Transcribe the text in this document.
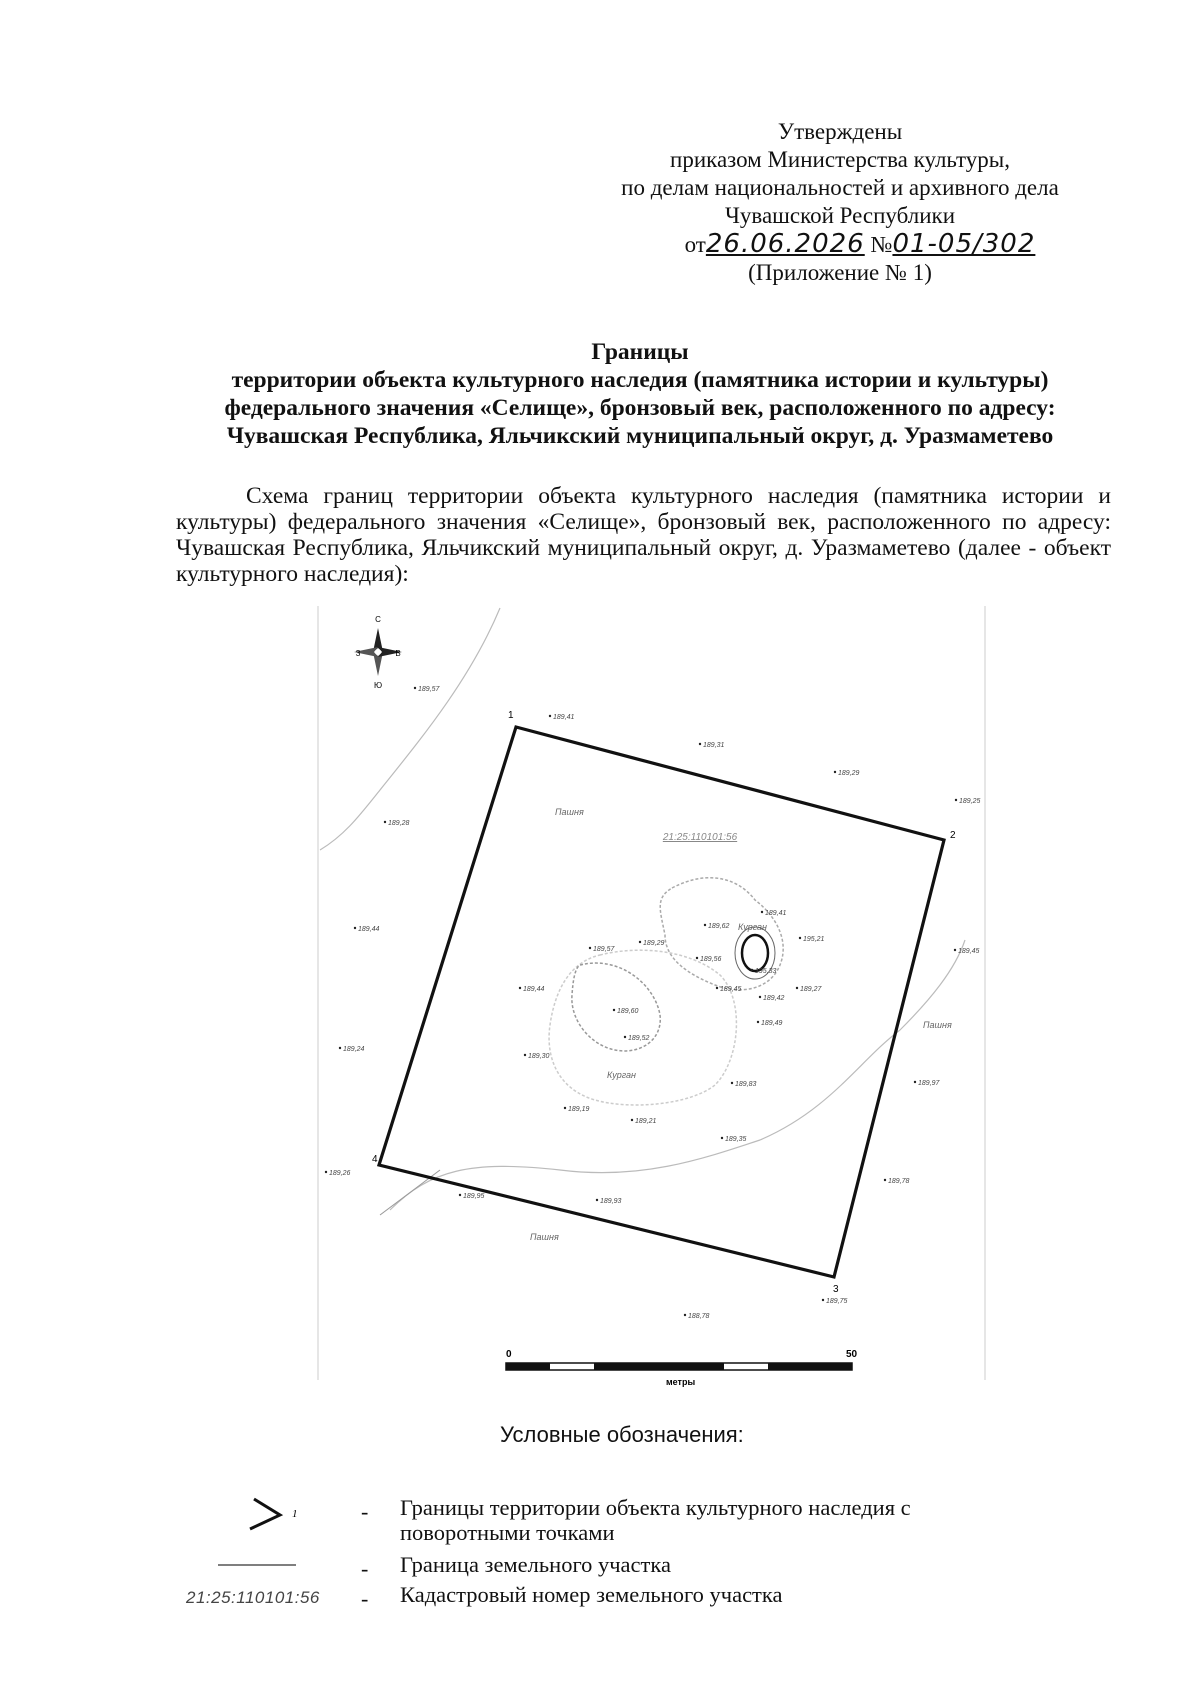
Утверждены
приказом Министерства культуры,
по делам национальностей и архивного дела
Чувашской Республики
от26.06.2026 №01-05/302
(Приложение № 1)
Границы
территории объекта культурного наследия (памятника истории и культуры)
федерального значения «Селище», бронзовый век, расположенного по адресу:
Чувашская Республика, Яльчикский муниципальный округ, д. Уразмаметево
Схема границ территории объекта культурного наследия (памятника истории и культуры) федерального значения «Селище», бронзовый век, расположенного по адресу: Чувашская Республика, Яльчикский муниципальный округ, д. Уразмаметево (далее - объект культурного наследия):
С
Ю
З	В
1
2
3
4
21:25:110101:56
Пашня
Пашня
Пашня
Курган
Курган
189,57
189,41
189,31
189,29
189,25
189,28
189,44
189,45
189,24
189,26
189,95
189,93
189,78
189,97
189,75
188,78
189,62
189,41
195,21
189,56
195,33
189,27
189,42
189,45
189,49
189,57
189,29
189,44
189,60
189,52
189,30
189,19
189,21
189,83
189,35
0	50
метры
Условные обозначения:
1	- Границы территории объекта культурного наследия с поворотными точками
- Граница земельного участка
21:25:110101:56 - Кадастровый номер земельного участка
